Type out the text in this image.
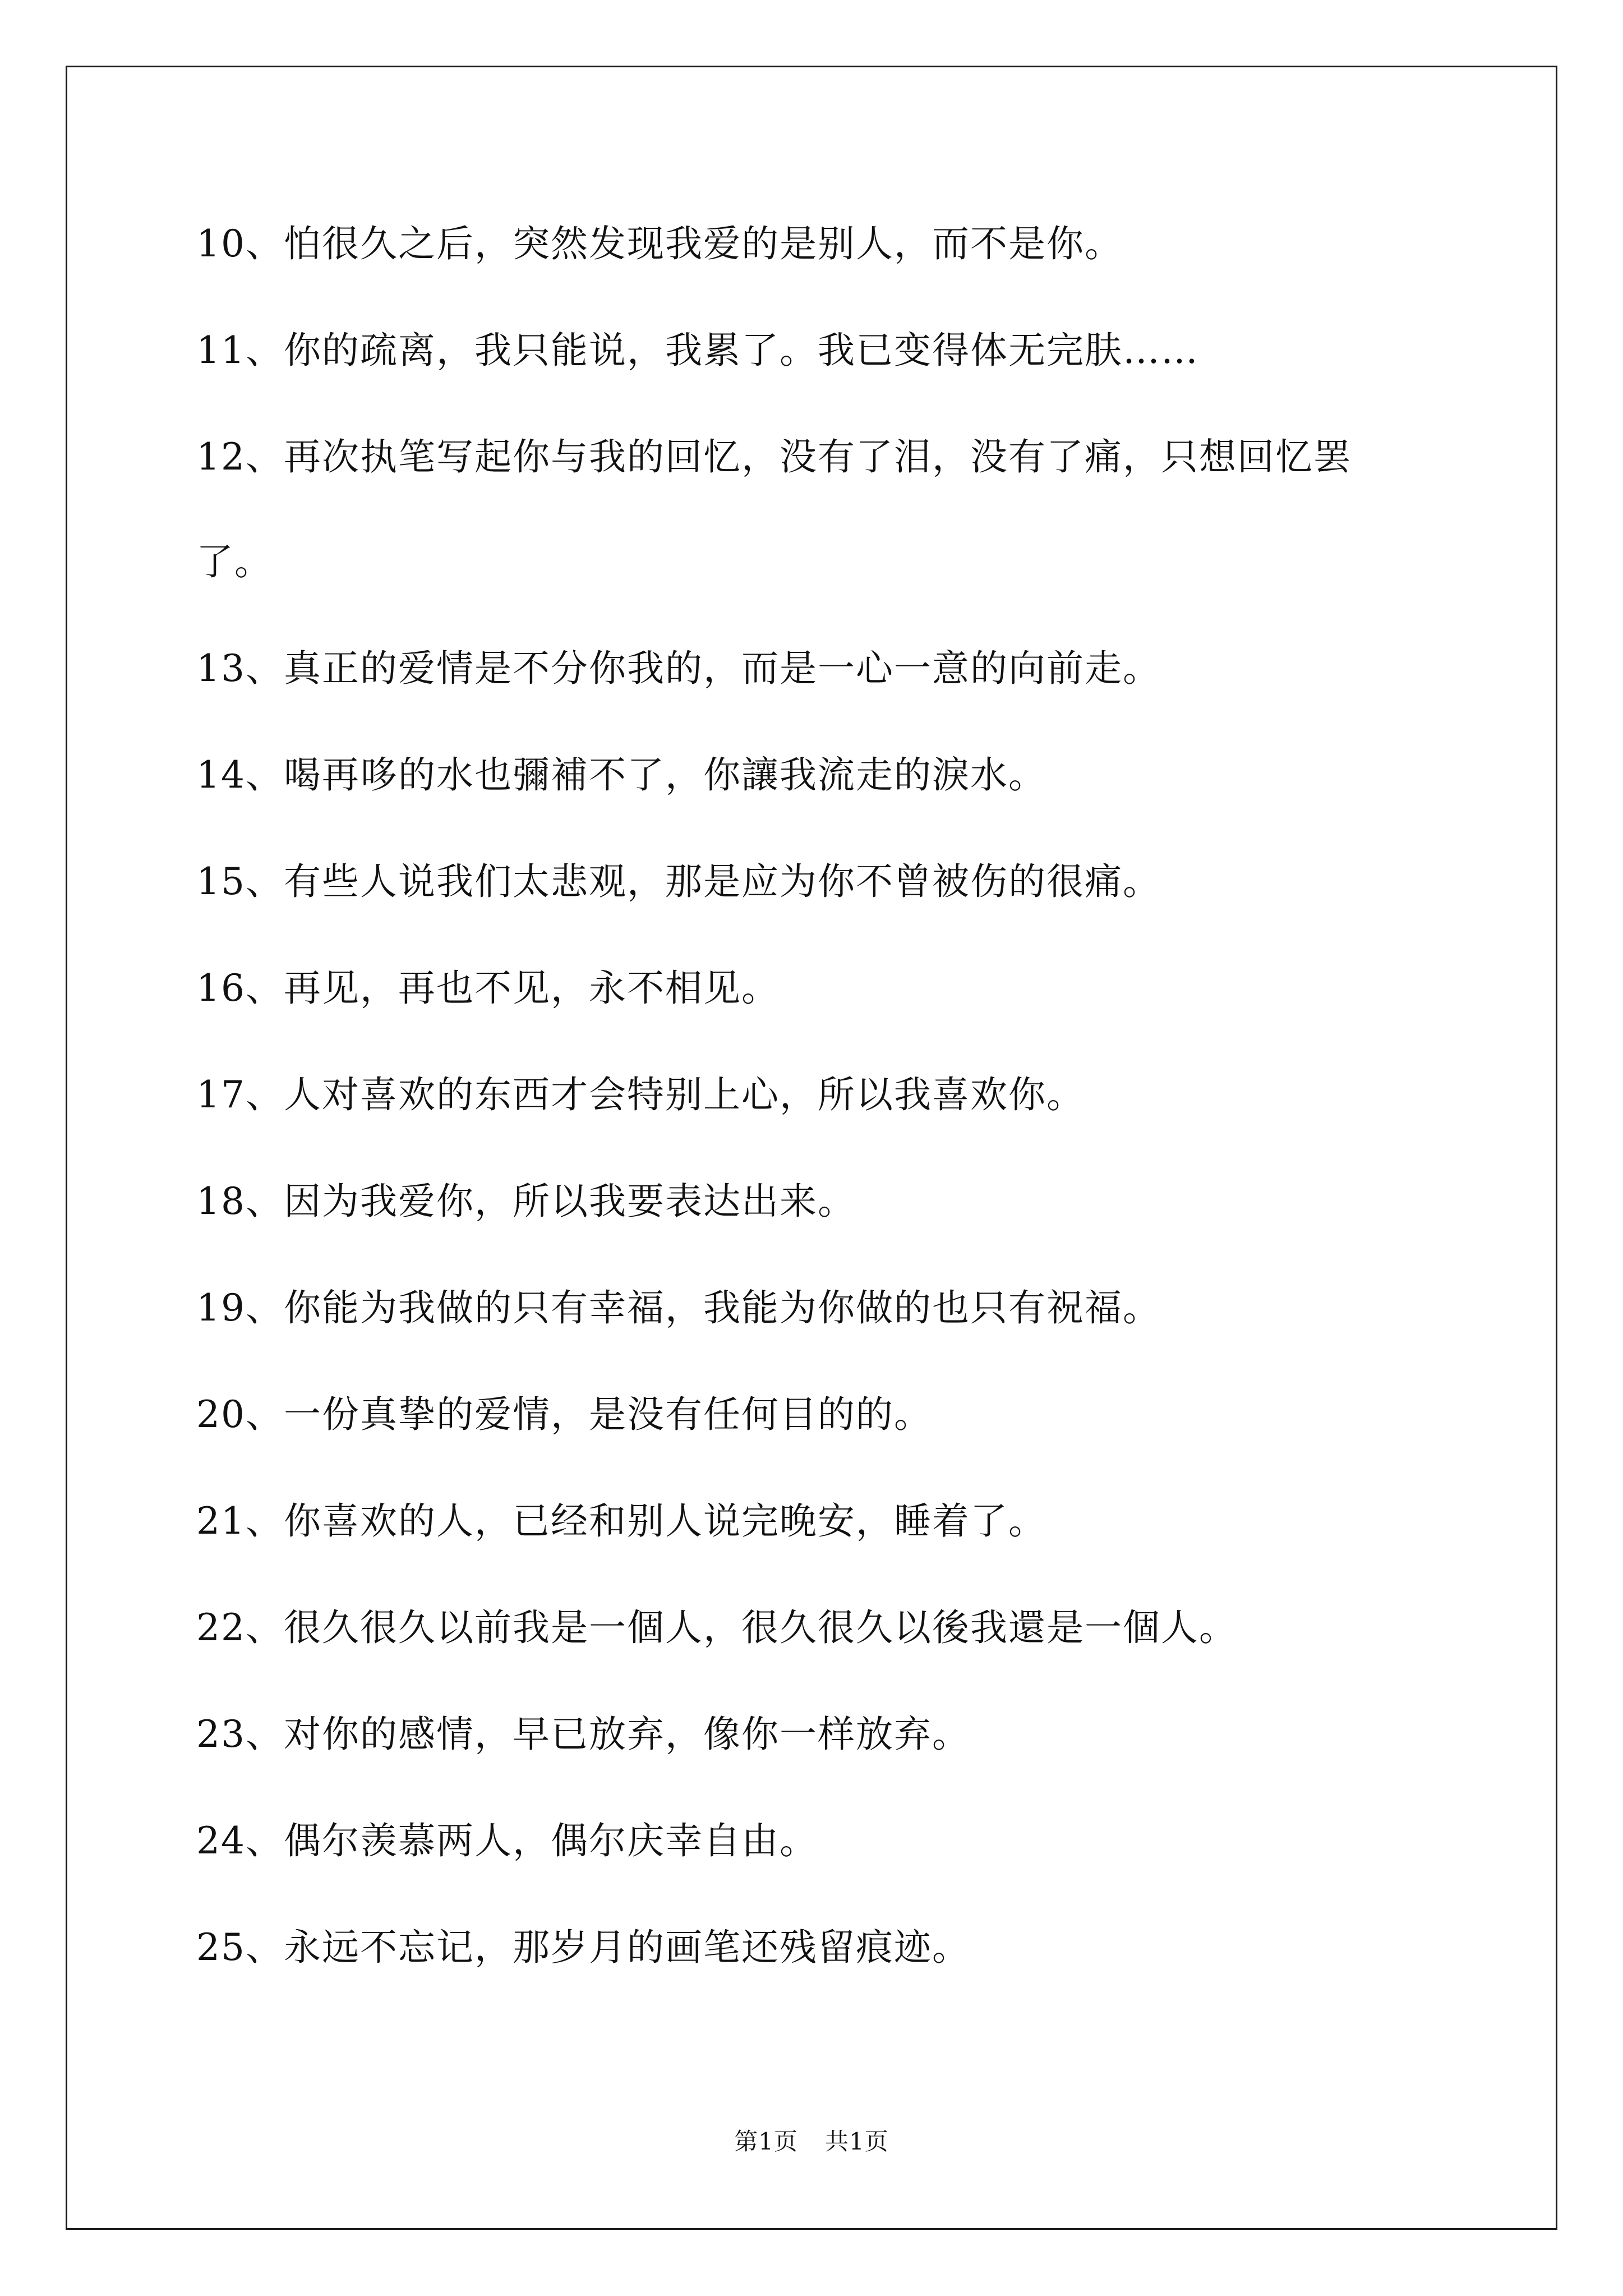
10、怕很久之后，突然发现我爱的是别人，而不是你。
11、你的疏离，我只能说，我累了。我已变得体无完肤……
12、再次执笔写起你与我的回忆，没有了泪，没有了痛，只想回忆罢
了。
13、真正的爱情是不分你我的，而是一心一意的向前走。
14、喝再哆的水也彌補不了，你讓我流走的淚水。
15、有些人说我们太悲观，那是应为你不曾被伤的很痛。
16、再见，再也不见，永不相见。
17、人对喜欢的东西才会特别上心，所以我喜欢你。
18、因为我爱你，所以我要表达出来。
19、你能为我做的只有幸福，我能为你做的也只有祝福。
20、一份真挚的爱情，是没有任何目的的。
21、你喜欢的人，已经和别人说完晚安，睡着了。
22、很久很久以前我是一個人，很久很久以後我還是一個人。
23、对你的感情，早已放弃，像你一样放弃。
24、偶尔羡慕两人，偶尔庆幸自由。
25、永远不忘记，那岁月的画笔还残留痕迹。
第1页 共1页
